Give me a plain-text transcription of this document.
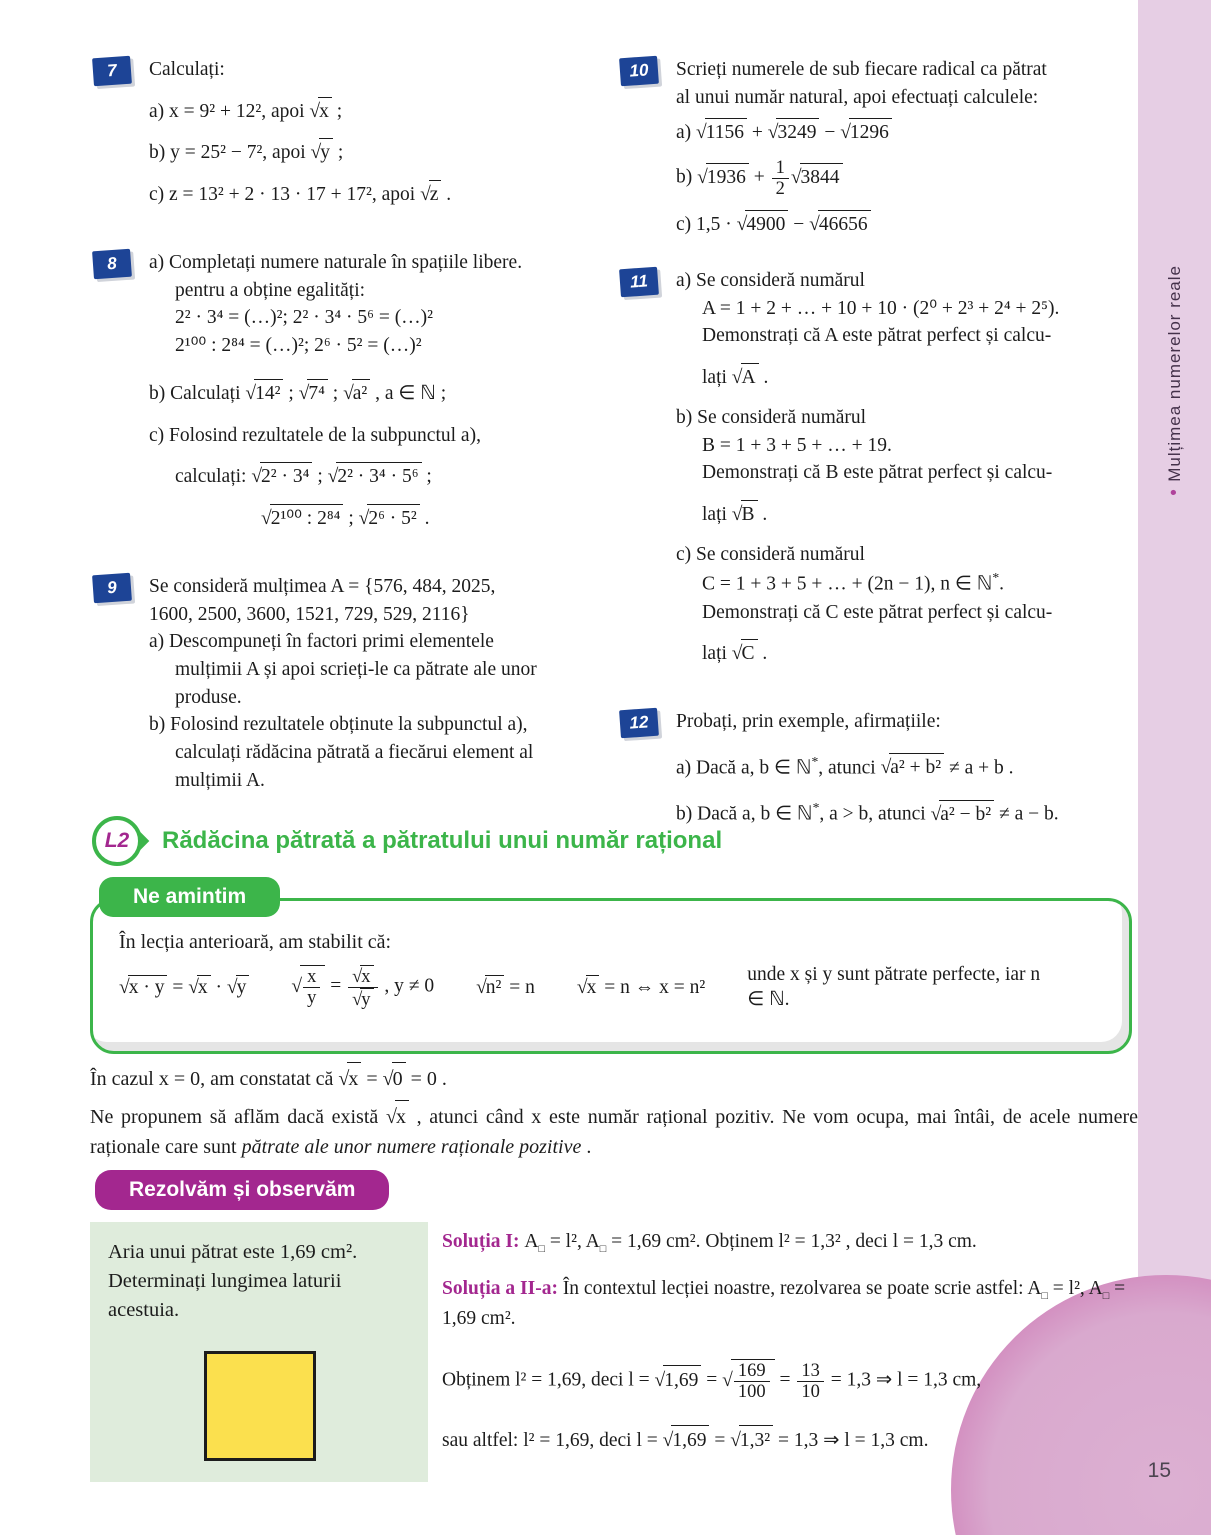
• Mulțimea numerelor reale
15
7	Calculați:
a) x = 9² + 12², apoi √x ;
b) y = 25² − 7², apoi √y ;
c) z = 13² + 2 · 13 · 17 + 17², apoi √z .
8	a) Completați numere naturale în spațiile libere.
pentru a obține egalități:
2² · 3⁴ = (…)²; 2² · 3⁴ · 5⁶ = (…)²
2¹⁰⁰ : 2⁸⁴ = (…)²; 2⁶ · 5² = (…)²
b) Calculați √14² ; √7⁴ ; √a² , a ∈ ℕ ;
c) Folosind rezultatele de la subpunctul a),
calculați: √2² · 3⁴ ; √2² · 3⁴ · 5⁶ ;
√2¹⁰⁰ : 2⁸⁴ ; √2⁶ · 5² .
9	Se consideră mulțimea A = {576, 484, 2025,
1600, 2500, 3600, 1521, 729, 529, 2116}
a) Descompuneți în factori primi elementele
mulțimii A și apoi scrieți-le ca pătrate ale unor
produse.
b) Folosind rezultatele obținute la subpunctul a),
calculați rădăcina pătrată a fiecărui element al
mulțimii A.
10	Scrieți numerele de sub fiecare radical ca pătrat
al unui număr natural, apoi efectuați calculele:
a) √1156 + √3249 − √1296
b) $√1936 + \frac{1}{2} √3844$
c) 1,5 · √4900 − √46656
11	a) Se consideră numărul
A = 1 + 2 + … + 10 + 10 · (2⁰ + 2³ + 2⁴ + 2⁵).
Demonstrați că A este pătrat perfect și calcu-
lați √A .
b) Se consideră numărul
B = 1 + 3 + 5 + … + 19.
Demonstrați că B este pătrat perfect și calcu-
lați √B .
c) Se consideră numărul
C = 1 + 3 + 5 + … + (2n − 1), n ∈ ℕ*.
Demonstrați că C este pătrat perfect și calcu-
lați √C .
12	Probați, prin exemple, afirmațiile:
a) Dacă a, b ∈ ℕ*, atunci √a² + b² ≠ a + b .
b) Dacă a, b ∈ ℕ*, a > b, atunci √a² − b² ≠ a − b.
L2	Rădăcina pătrată a pătratului unui număr rațional
Ne amintim
În lecția anterioară, am stabilit că:
√x · y = √x · √y √ $\frac{x}{y} = \frac{√x}{√y}$ , y ≠ 0 √n² = n √x = n ⇔ x = n²
unde x și y sunt pătrate perfecte, iar n ∈ ℕ.
În cazul x = 0, am constatat că √x = √0 = 0 .
Ne propunem să aflăm dacă există √x , atunci când x este număr rațional pozitiv. Ne vom ocupa, mai întâi, de acele numere raționale care sunt pătrate ale unor numere raționale pozitive .
Rezolvăm și observăm
Aria unui pătrat este 1,69 cm².
Determinați lungimea laturii
acestuia.
Soluția I: $A_□ = l^2$, $A_□ = 1,69$ cm². Obținem l² = 1,3² , deci l = 1,3 cm.
Soluția a II-a: În contextul lecției noastre, rezolvarea se poate scrie astfel: $A_□ = l^2$, $A_□ = 1,69$ cm².
Obținem l² = 1,69, deci l = √1,69 = √ $\frac{169}{100} = \frac{13}{10} = 1,3$ ⇒ l = 1,3 cm,
sau altfel: l² = 1,69, deci l = √1,69 = √1,3² = 1,3 ⇒ l = 1,3 cm.
